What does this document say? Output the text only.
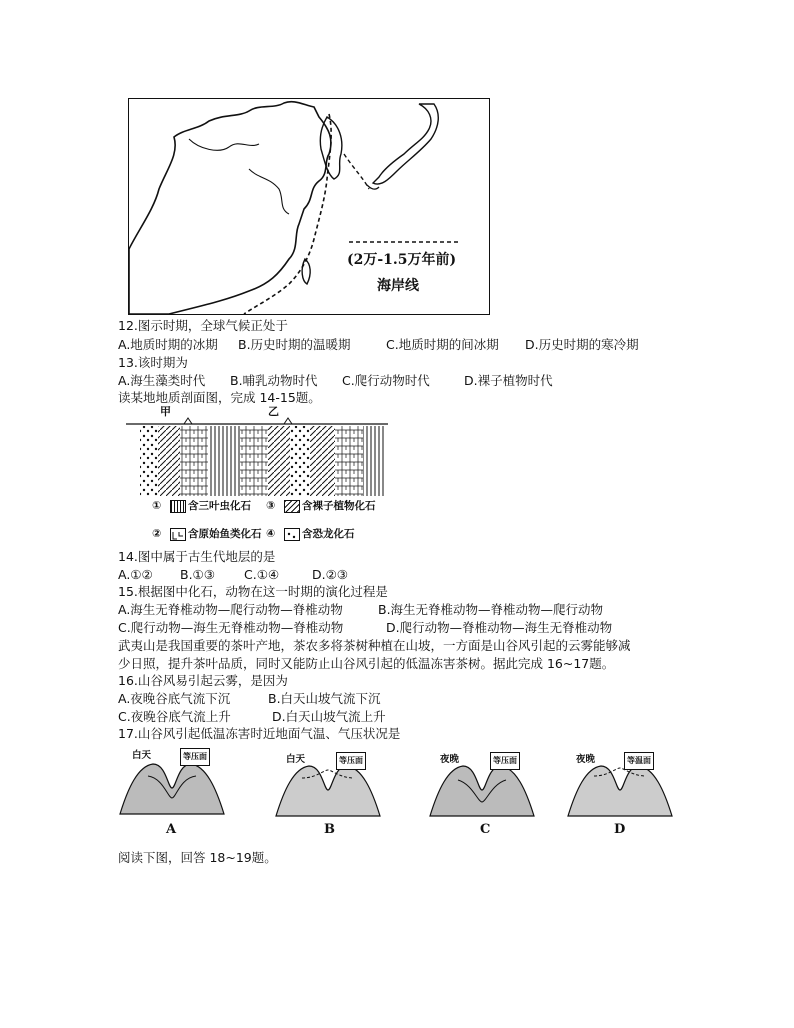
(2万-1.5万年前)
海岸线
12.图示时期，全球气候正处于
A.地质时期的冰期 B.历史时期的温暖期	C.地质时期的间冰期 D.历史时期的寒冷期
13.该时期为
A.海生藻类时代 B.哺乳动物时代 C.爬行动物时代	D.裸子植物时代
读某地地质剖面图，完成 14-15题。
甲	乙
①	含三叶虫化石 ③	含裸子植物化石
②	含原始鱼类化石 ④	含恐龙化石
14.图中属于古生代地层的是
A.①② B.①③ C.①④	D.②③
15.根据图中化石，动物在这一时期的演化过程是
A.海生无脊椎动物—爬行动物—脊椎动物	B.海生无脊椎动物—脊椎动物—爬行动物
C.爬行动物—海生无脊椎动物—脊椎动物	D.爬行动物—脊椎动物—海生无脊椎动物
武夷山是我国重要的茶叶产地，茶农多将茶树种植在山坡，一方面是山谷风引起的云雾能够减
少日照，提升茶叶品质，同时又能防止山谷风引起的低温冻害茶树。据此完成 16~17题。
16.山谷风易引起云雾，是因为
A.夜晚谷底气流下沉	B.白天山坡气流下沉
C.夜晚谷底气流上升	D.白天山坡气流上升
17.山谷风引起低温冻害时近地面气温、气压状况是
白天	等压面
A
白天	等压面
B
夜晚	等压面
C
夜晚	等温面
D
阅读下图，回答 18~19题。
